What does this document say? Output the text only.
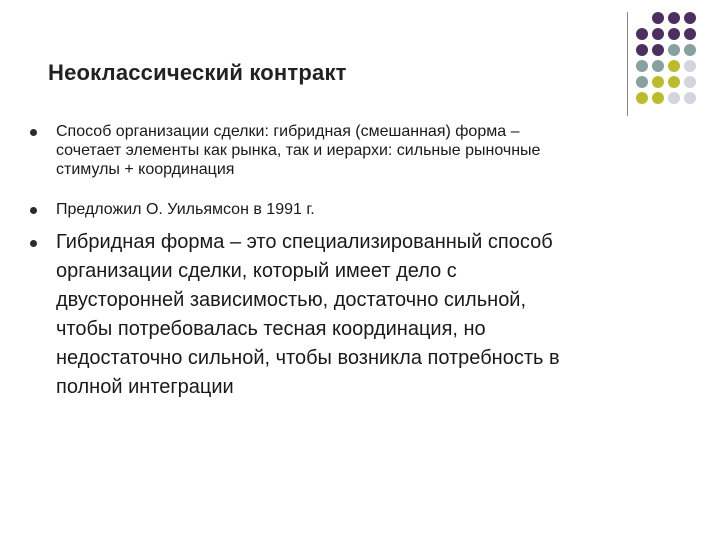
Неоклассический контракт
Способ организации сделки: гибридная (смешанная) форма –
сочетает элементы как рынка, так и иерархи: сильные рыночные
стимулы + координация
Предложил О. Уильямсон в 1991 г.
Гибридная форма – это специализированный способ
организации сделки, который имеет дело с
двусторонней зависимостью, достаточно сильной,
чтобы потребовалась тесная координация, но
недостаточно сильной, чтобы возникла потребность в
полной интеграции
